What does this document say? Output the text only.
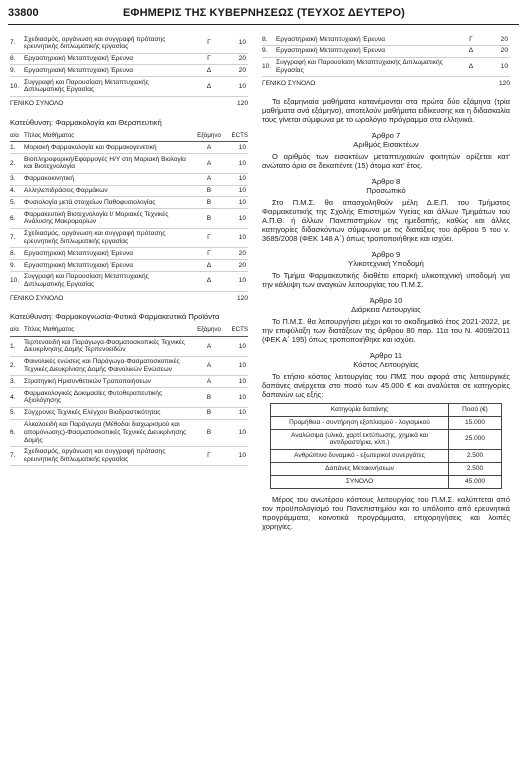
33800	ΕΦΗΜΕΡΙΣ ΤΗΣ ΚΥΒΕΡΝΗΣΕΩΣ (ΤΕΥΧΟΣ ΔΕΥΤΕΡΟ)
7.	Σχεδιασμός, οργάνωση και συγγραφή πρότασης ερευνητικής διπλωματικής εργασίας	Γ	10
8.	Εργαστηριακή Μεταπτυχιακή Έρευνα	Γ	20
9.	Εργαστηριακή Μεταπτυχιακή Έρευνα	Δ	20
10.	Συγγραφή και Παρουσίαση Μεταπτυχιακής Διπλωματικής Εργασίας	Δ	10
ΓΕΝΙΚΟ ΣΥΝΟΛΟ			120
Κατεύθυνση: Φαρμακολογία και Θεραπευτική
α/α	Τίτλος Μαθήματος	Εξάμηνο	ECTS
1.	Μοριακή Φαρμακολογία και Φαρμακογενετική	Α	10
2.	Βιοπληροφορική/Εφαρμογές Η/Υ στη Μοριακή Βιολογία και Βιοτεχνολογία	Α	10
3.	Φαρμακοκινητική	Α	10
4.	Αλληλεπιδράσεις Φαρμάκων	Β	10
5.	Φυσιολογία μετά στοιχείων Παθοφυσιολογίας	Β	10
6.	Φαρμακευτική Βιοτεχνολογία Ι/ Μοριακές Τεχνικές Ανάλυσης Μακρομορίων	Β	10
7.	Σχεδιασμός, οργάνωση και συγγραφή πρότασης ερευνητικής διπλωματικής εργασίας	Γ	10
8.	Εργαστηριακή Μεταπτυχιακή Έρευνα	Γ	20
9.	Εργαστηριακή Μεταπτυχιακή Έρευνα	Δ	20
10.	Συγγραφή και Παρουσίαση Μεταπτυχιακής Διπλωματικής Εργασίας	Δ	10
ΓΕΝΙΚΟ ΣΥΝΟΛΟ			120
Κατεύθυνση: Φαρμακογνωσία-Φυτικά Φαρμακευτικά Προϊόντα
α/α	Τίτλος Μαθήματος	Εξάμηνο	ECTS
1.	Τερπενοειδή και Παράγωγα-Φασματοσκοπικές Τεχνικές Διευκρίνησης Δομής Τερπενοειδών	Α	10
2.	Φαινολικές ενώσεις και Παράγωγα-Φασματοσκοπικές Τεχνικές Διευκρίνισης Δομής Φαινολικών Ενώσεων	Α	10
3.	Στρατηγική Ημισυνθετικών Τροποποιήσεων	Α	10
4.	Φαρμακολογικές Δοκιμασίες Φυτοθεραπευτικής Αξιολόγησης	Β	10
5.	Σύγχρονες Τεχνικές Ελέγχου Βιοδραστικότητας	Β	10
6.	Αλκαλοειδή και Παράγωγα (Μέθοδοι διαχωρισμού και απομόνωσης)-Φασματοσκοπικές Τεχνικές Διευκρίνησης Δομής	Β	10
7.	Σχεδιασμός, οργάνωση και συγγραφή πρότασης ερευνητικής διπλωματικής εργασίας	Γ	10
8.	Εργαστηριακή Μεταπτυχιακή Έρευνα	Γ	20
9.	Εργαστηριακή Μεταπτυχιακή Έρευνα	Δ	20
10.	Συγγραφή και Παρουσίαση Μεταπτυχιακής Διπλωματικής Εργασίας	Δ	10
ΓΕΝΙΚΟ ΣΥΝΟΛΟ			120

Τα εξαμηνιαία μαθήματα κατανέμονται στα πρώτα δύο εξάμηνα (τρία μαθήματα ανά εξάμηνο), αποτελούν μαθήματα ειδίκευσης και η διδασκαλία τους γίνεται σύμφωνα με το ωρολόγιο πρόγραμμα στα ελληνικά.

Άρθρο 7
Αριθμός Εισακτέων

Ο αριθμός των εισακτέων μεταπτυχιακών φοιτητών ορίζεται κατ' ανώτατο όριο σε δεκαπέντε (15) άτομα κατ' έτος.

Άρθρο 8
Προσωπικό

Στο Π.Μ.Σ. θα απασχοληθούν μέλη Δ.Ε.Π. του Τμήματος Φαρμακευτικής της Σχολής Επιστημών Υγείας και άλλων Τμημάτων του Α.Π.Θ. ή άλλων Πανεπιστημίων της ημεδαπής, καθώς και άλλες κατηγορίες διδασκόντων σύμφωνα με τις διατάξεις του άρθρου 5 του ν. 3685/2008 (ΦΕΚ 148 Α΄) όπως τροποποιήθηκε και ισχύει.

Άρθρο 9
Υλικοτεχνική Υποδομή

Το Τμήμα Φαρμακευτικής διαθέτει επαρκή υλικοτεχνική υποδομή για την κάλυψη των αναγκών λειτουργίας του Π.Μ.Σ.

Άρθρο 10
Διάρκεια Λειτουργίας

Το Π.Μ.Σ. θα λειτουργήσει μέχρι και το ακαδημαϊκό έτος 2021-2022, με την επιφύλαξη των διατάξεων της άρθρου 80 παρ. 11α του Ν. 4009/2011 (ΦΕΚ Α΄ 195) όπως τροποποιήθηκε και ισχύει.

Άρθρο 11
Κόστος Λειτουργίας

Το ετήσιο κόστος λειτουργίας του ΠΜΣ που αφορά στις λειτουργικές δαπάνες ανέρχεται στο ποσό των 45.000 € και αναλύεται σε κατηγορίες δαπανών ως εξής:

Κατηγορία δαπάνης	Ποσό (€)
Προμήθεια - συντήρηση εξοπλισμού - λογισμικού	15.000
Αναλώσιμα (υλικά, χαρτί εκτύπωσης, χημικά και αντιδραστήρια, κλπ.)	25.000
Ανθρώπινο δυναμικό - εξωτερικοί συνεργάτες	2.500
Δαπάνες Μετακινήσεων	2.500
ΣΥΝΟΛΟ	45.000

Μέρος του ανωτέρου κόστους λειτουργίας του Π.Μ.Σ. καλύπτεται από τον προϋπολογισμό του Πανεπιστημίου και το υπόλοιπο από ερευνητικά προγράμματα, κοινοτικά προγράμματα, επιχορηγήσεις και λοιπές χορηγίες.
